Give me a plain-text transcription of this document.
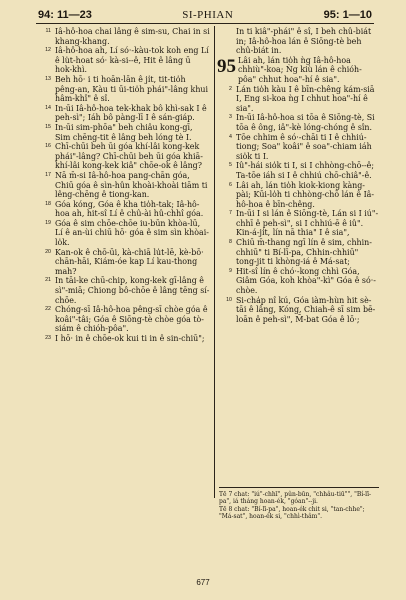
94: 11—23	SI-PHIAN	95: 1—10
11 Iâ-hô-hoa chai lâng ê sim-su, Chai in si khang-khang.
12 Iâ-hô-hoa ah, Lí só·-kàu-tok koh eng Lí ê lu̍t-hoat só· kà-si--ê, Hit ê lâng ū hok-khì.
13 Beh hō· i ti hoān-lān ê ji̍t, tit-tio̍h pêng-an, Kàu ti ūi-tio̍h phái"-lâng khui hâm-khî" ê sî.
14 In-ūi Iâ-hô-hoa tek-khak bô khì-sak I ê peh-sì"; Iáh bô pàng-lī I ê sán-giáp.
15 In-ūi sim-phōa" beh chiâu kong-gī, Sim chēng-tit ê lâng beh lóng tè I.
16 Chī-chūi beh ūi góa khí-lâi kong-kek phái"-lâng? Chī-chūi beh ūi góa khiā-khí-lâi kong-kek kiâ" chōe-ok ê lâng?
17 Nā m̄-si Iâ-hô-hoa pang-chān góa, Chiū góa ê sìn-hûn khoài-khoài tiām ti lêng-chēng ê tiong-kan.
18 Góa kóng, Góa ê kha tio̍h-tak; Iâ-hô-hoa ah, hit-sî Lí ê chû-ài hû-chhî góa.
19 Góa ê sim chōe-chōe iu-būn khòa-lū, Lí ê an-ùi chiū hō· góa ê sim sìn khòai-lo̍k.
20 Kan-ok ê chō-ūi, kà-chiā lu̍t-lē, kè-bō· chān-hāi, Kiám-óe kap Lí kau-thong mah?
21 In tāi-ke chū-chip, kong-kek gī-lâng ê sì"-miā; Chiong bô-chōe ê lâng tēng sí-chōe.
22 Chóng-sī Iâ-hô-hoa pêng-sī chòe góa ê koâi"-tâi; Góa ê Siōng-tè chòe góa tò-siám ê chióh-pôa".
23 I hō· in ê chōe-ok kui ti in ê sin-chiū";
In ti kiâ"-phái" ê sî, I beh chû-biát in; Iâ-hô-hoa lán ê Siōng-tè beh chû-biát in.
95 Lâi ah, lán tio̍h ǹg Iâ-hô-hoa chhiù"-koa; Ǹg kiù lán ê chióh-pôa" chhut hoa"-hí ê sia".
2 Lán tio̍h kàu I ê bīn-chêng kám-siā I, Eng si-koa ǹg I chhut hoa"-hí ê sia".
3 In-ūi Iâ-hô-hoa si tōa ê Siōng-tè, Si tōa ê ông, iâ"-kè lóng-chóng ê sîn.
4 Tōe chhim ê só·-chāi ti I ê chhiú-tiong; Soa" koâi" ê soa"-chiam iáh sio̍k ti I.
5 Iû"-hái sio̍k ti I, si I chhòng-chō--ê; Ta-tōe iáh si I ê chhiú chō-chiâ"-ê.
6 Lâi ah, lán tio̍h kiok-kiong kàng-pài; Kūi-lo̍h ti chhòng-chō lán ê Iâ-hô-hoa ê bīn-chêng.
7 In-ūi I si lán ê Siōng-tè, Lán si I iú"-chhī ê peh-sì", si I chhiú-ē ê iû".
Kin-á-ji̍t, lín nā thia" I ê sia",
8 Chiū m̄-thang ngī lín ê sim, chhin-chhiū" ti Bí-lī-pa, Chhin-chhiū" tong-jit ti khòng-iá ê Má-sat;
9 Hit-sî lín ê chó·-kong chhì Góa, Giâm Góa, koh khòa"-kì" Góa ê só·-chòe.
10 Si-cha̍p nî kú, Góa iàm-hùn hit sè-tāi ê lâng, Kóng, Chiah-ê sī sim bē-loān ê peh-sì", M̄-bat Góa ê lō·;
Tē 7 chat: "iú"-chhī", pûn-būn, "chhâu-tiū"", "Bí-lī-pa", iá tháng hoan-ék, "góan"--ji.
Tē 8 chat: "Bí-lī-pa", hoan-ék chit si, "tan-chhe"; "Má-sat", hoan-ék si, "chhì-thâm".
677
